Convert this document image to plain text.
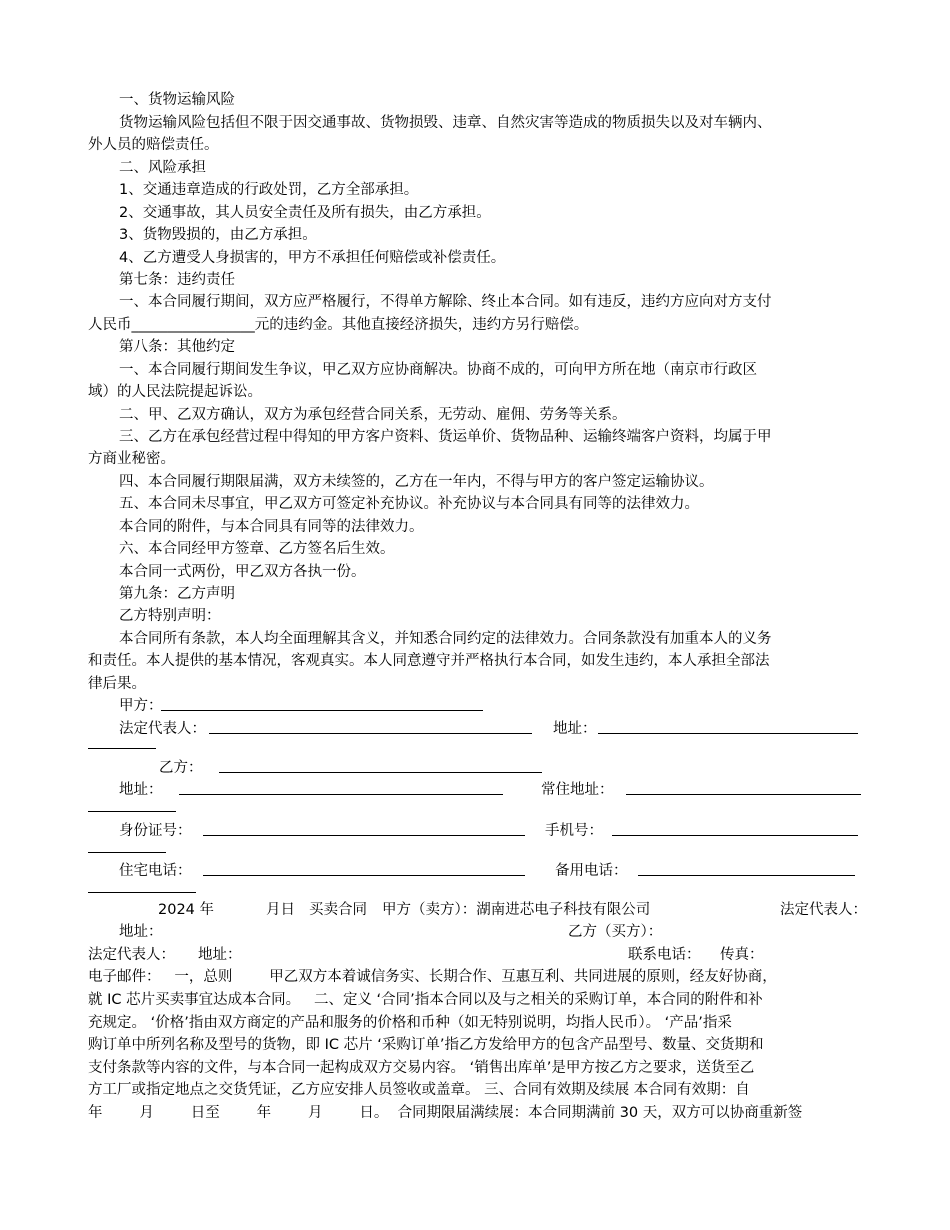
一、货物运输风险
货物运输风险包括但不限于因交通事故、货物损毁、违章、自然灾害等造成的物质损失以及对车辆内、
外人员的赔偿责任。
二、风险承担
1、交通违章造成的行政处罚，乙方全部承担。
2、交通事故，其人员安全责任及所有损失，由乙方承担。
3、货物毁损的，由乙方承担。
4、乙方遭受人身损害的，甲方不承担任何赔偿或补偿责任。
第七条：违约责任
一、本合同履行期间，双方应严格履行，不得单方解除、终止本合同。如有违反，违约方应向对方支付
人民币_________________元的违约金。其他直接经济损失，违约方另行赔偿。
第八条：其他约定
一、本合同履行期间发生争议，甲乙双方应协商解决。协商不成的，可向甲方所在地（南京市行政区
域）的人民法院提起诉讼。
二、甲、乙双方确认，双方为承包经营合同关系，无劳动、雇佣、劳务等关系。
三、乙方在承包经营过程中得知的甲方客户资料、货运单价、货物品种、运输终端客户资料，均属于甲
方商业秘密。
四、本合同履行期限届满，双方未续签的，乙方在一年内，不得与甲方的客户签定运输协议。
五、本合同未尽事宜，甲乙双方可签定补充协议。补充协议与本合同具有同等的法律效力。
本合同的附件，与本合同具有同等的法律效力。
六、本合同经甲方签章、乙方签名后生效。
本合同一式两份，甲乙双方各执一份。
第九条：乙方声明
乙方特别声明：
本合同所有条款，本人均全面理解其含义，并知悉合同约定的法律效力。合同条款没有加重本人的义务
和责任。本人提供的基本情况，客观真实。本人同意遵守并严格执行本合同，如发生违约，本人承担全部法
律后果。
甲方：
法定代表人：	地址：
乙方：
地址：	常住地址：
身份证号：	手机号：
住宅电话：	备用电话：
2024 年	月日 买卖合同	甲方（卖方）：湖南进芯电子科技有限公司	法定代表人：
地址：	乙方（买方）：
法定代表人：	地址：	联系电话：	传真：
电子邮件：   一，总则        甲乙双方本着诚信务实、长期合作、互惠互利、共同进展的原则，经友好协商，
就 IC 芯片买卖事宜达成本合同。   二、定义 ‘合同’指本合同以及与之相关的采购订单，本合同的附件和补
充规定。 ‘价格’指由双方商定的产品和服务的价格和币种（如无特别说明，均指人民币）。 ‘产品’指采
购订单中所列名称及型号的货物，即 IC 芯片 ‘采购订单’指乙方发给甲方的包含产品型号、数量、交货期和
支付条款等内容的文件，与本合同一起构成双方交易内容。 ‘销售出库单’是甲方按乙方之要求，送货至乙
方工厂或指定地点之交货凭证，乙方应安排人员签收或盖章。 三、合同有效期及续展 本合同有效期：自
年        月        日至        年        月        日。  合同期限届满续展：本合同期满前 30 天，双方可以协商重新签
